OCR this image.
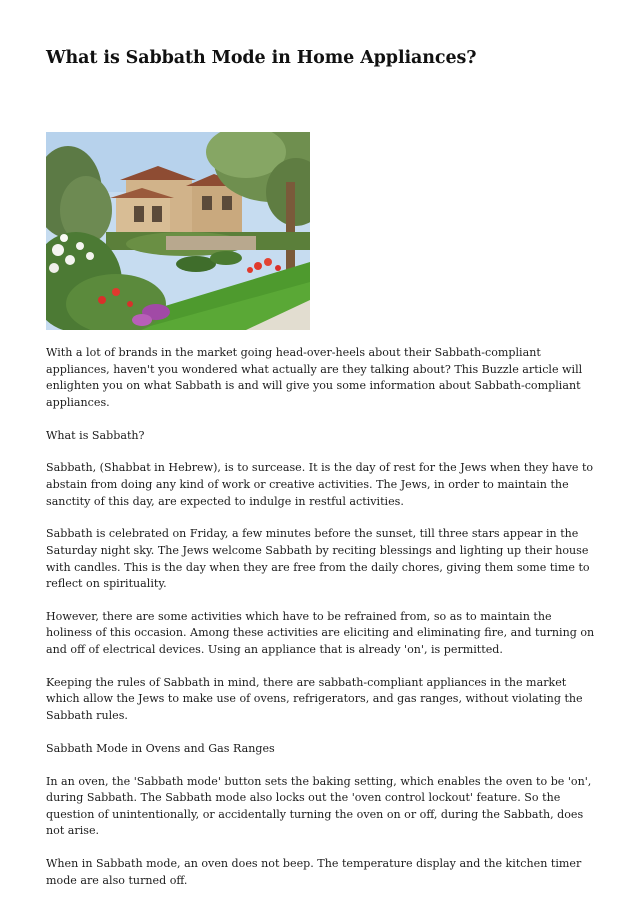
What is Sabbath Mode in Home Appliances?

With a lot of brands in the market going head-over-heels about their Sabbath-compliant appliances, haven't you wondered what actually are they talking about? This Buzzle article will enlighten you on what Sabbath is and will give you some information about Sabbath-compliant appliances.

What is Sabbath?

Sabbath, (Shabbat in Hebrew), is to surcease. It is the day of rest for the Jews when they have to abstain from doing any kind of work or creative activities. The Jews, in order to maintain the sanctity of this day, are expected to indulge in restful activities.

Sabbath is celebrated on Friday, a few minutes before the sunset, till three stars appear in the Saturday night sky. The Jews welcome Sabbath by reciting blessings and lighting up their house with candles. This is the day when they are free from the daily chores, giving them some time to reflect on spirituality.

However, there are some activities which have to be refrained from, so as to maintain the holiness of this occasion. Among these activities are eliciting and eliminating fire, and turning on and off of electrical devices. Using an appliance that is already 'on', is permitted.

Keeping the rules of Sabbath in mind, there are sabbath-compliant appliances in the market which allow the Jews to make use of ovens, refrigerators, and gas ranges, without violating the Sabbath rules.

Sabbath Mode in Ovens and Gas Ranges

In an oven, the 'Sabbath mode' button sets the baking setting, which enables the oven to be 'on', during Sabbath. The Sabbath mode also locks out the 'oven control lockout' feature. So the question of unintentionally, or accidentally turning the oven on or off, during the Sabbath, does not arise.

When in Sabbath mode, an oven does not beep. The temperature display and the kitchen timer mode are also turned off.
